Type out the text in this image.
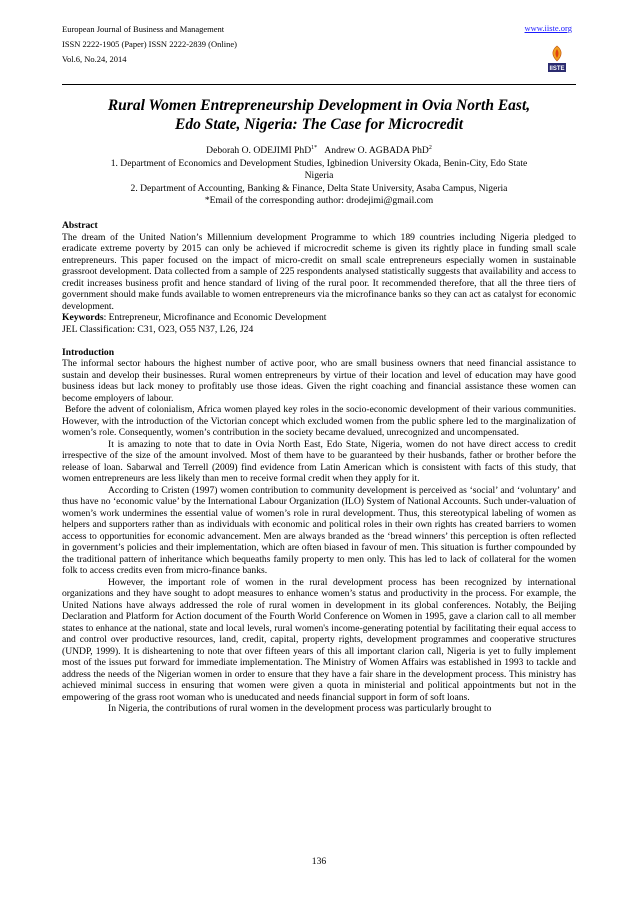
European Journal of Business and Management
ISSN 2222-1905 (Paper) ISSN 2222-2839 (Online)
Vol.6, No.24, 2014
www.iiste.org
IISTE
Rural Women Entrepreneurship Development in Ovia North East,
Edo State, Nigeria: The Case for Microcredit
Deborah O. ODEJIMI PhD$^{1*}$ Andrew O. AGBADA PhD$^2$
1. Department of Economics and Development Studies, Igbinedion University Okada, Benin-City, Edo State
Nigeria
2. Department of Accounting, Banking & Finance, Delta State University, Asaba Campus, Nigeria
*Email of the corresponding author: drodejimi@gmail.com

Abstract

The dream of the United Nation’s Millennium development Programme to which 189 countries including Nigeria pledged to eradicate extreme poverty by 2015 can only be achieved if microcredit scheme is given its rightly place in funding small scale entrepreneurs. This paper focused on the impact of micro-credit on small scale entrepreneurs especially women in sustainable grassroot development. Data collected from a sample of 225 respondents analysed statistically suggests that availability and access to credit increases business profit and hence standard of living of the rural poor. It recommended therefore, that all the three tiers of government should make funds available to women entrepreneurs via the microfinance banks so they can act as catalyst for economic development.

Keywords: Entrepreneur, Microfinance and Economic Development

JEL Classification: C31, O23, O55 N37, L26, J24

Introduction

The informal sector habours the highest number of active poor, who are small business owners that need financial assistance to sustain and develop their businesses. Rural women entrepreneurs by virtue of their location and level of education may have good business ideas but lack money to profitably use those ideas. Given the right coaching and financial assistance these women can become employers of labour.

Before the advent of colonialism, Africa women played key roles in the socio-economic development of their various communities. However, with the introduction of the Victorian concept which excluded women from the public sphere led to the marginalization of women’s role. Consequently, women’s contribution in the society became devalued, unrecognized and uncompensated.

It is amazing to note that to date in Ovia North East, Edo State, Nigeria, women do not have direct access to credit irrespective of the size of the amount involved. Most of them have to be guaranteed by their husbands, father or brother before the release of loan. Sabarwal and Terrell (2009) find evidence from Latin American which is consistent with facts of this study, that women entrepreneurs are less likely than men to receive formal credit when they apply for it.

According to Cristen (1997) women contribution to community development is perceived as ‘social’ and ‘voluntary’ and thus have no ‘economic value’ by the International Labour Organization (ILO) System of National Accounts. Such under-valuation of women’s work undermines the essential value of women’s role in rural development. Thus, this stereotypical labeling of women as helpers and supporters rather than as individuals with economic and political roles in their own rights has created barriers to women access to opportunities for economic advancement. Men are always branded as the ‘bread winners’ this perception is often reflected in government’s policies and their implementation, which are often biased in favour of men. This situation is further compounded by the traditional pattern of inheritance which bequeaths family property to men only. This has led to lack of collateral for the women folk to access credits even from micro-finance banks.

However, the important role of women in the rural development process has been recognized by international organizations and they have sought to adopt measures to enhance women’s status and productivity in the process. For example, the United Nations have always addressed the role of rural women in development in its global conferences. Notably, the Beijing Declaration and Platform for Action document of the Fourth World Conference on Women in 1995, gave a clarion call to all member states to enhance at the national, state and local levels, rural women's income-generating potential by facilitating their equal access to and control over productive resources, land, credit, capital, property rights, development programmes and cooperative structures (UNDP, 1999). It is disheartening to note that over fifteen years of this all important clarion call, Nigeria is yet to fully implement most of the issues put forward for immediate implementation. The Ministry of Women Affairs was established in 1993 to tackle and address the needs of the Nigerian women in order to ensure that they have a fair share in the development process. This ministry has achieved minimal success in ensuring that women were given a quota in ministerial and political appointments but not in the empowering of the grass root woman who is uneducated and needs financial support in form of soft loans.

In Nigeria, the contributions of rural women in the development process was particularly brought to

136
